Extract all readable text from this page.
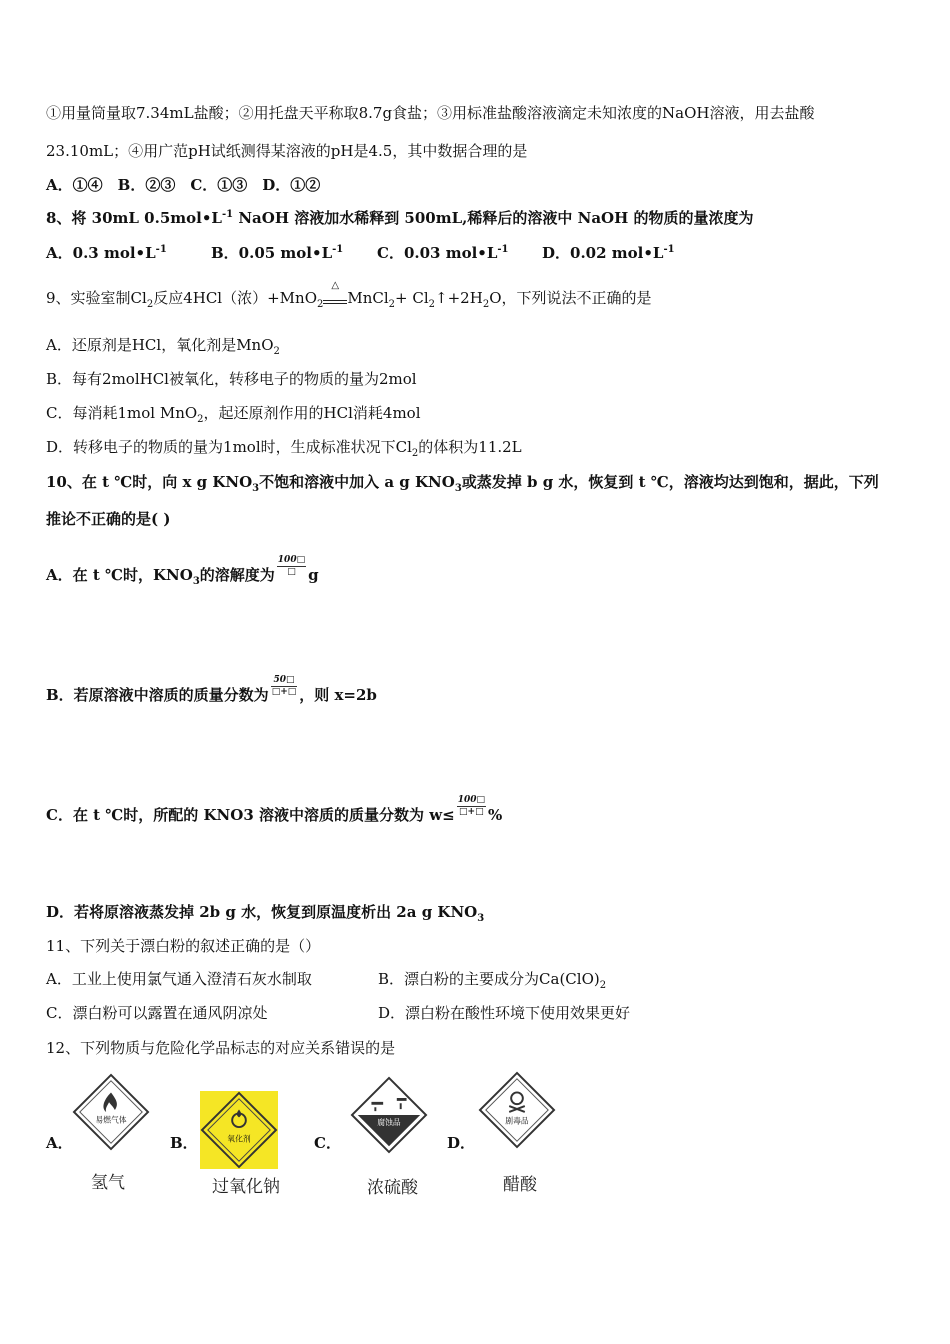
①用量筒量取7.34mL盐酸；②用托盘天平称取8.7g食盐；③用标准盐酸溶液滴定未知浓度的NaOH溶液，用去盐酸
23.10mL；④用广范pH试纸测得某溶液的pH是4.5，其中数据合理的是
A．①④　B．②③　C．①③　D．①②
8、将 30mL $0.5mol•L^{-1}$ NaOH 溶液加水稀释到 500mL,稀释后的溶液中 NaOH 的物质的量浓度为
A．0.3 $mol•L^{-1}$	B．0.05 $mol•L^{-1}$ C．0.03 $mol•L^{-1}$ D．0.02 $mol•L^{-1}$
9、实验室制$Cl_2$反应4HCl（浓）+MnO$_2$
△
MnCl$_2$+ $Cl_2↑+2H_2O$，下列说法不正确的是
A．还原剂是HCl，氧化剂是MnO$_2$
B．每有2molHCl被氧化，转移电子的物质的量为2mol
C．每消耗1mol MnO$_2$，起还原剂作用的HCl消耗4mol
D．转移电子的物质的量为1mol时，生成标准状况下$Cl_2$的体积为11.2L
10、在 t ℃时，向 x g $KNO_3$不饱和溶液中加入 a g $KNO_3$或蒸发掉 b g 水，恢复到 t ℃，溶液均达到饱和，据此，下列
推论不正确的是( )
A．在 t ℃时，$KNO_3$的溶解度为 $\frac{100□}{□}$ g
B．若原溶液中溶质的质量分数为 $\frac{50□}{□+□}$ ，则 x=2b
C．在 t ℃时，所配的 KNO3 溶液中溶质的质量分数为 $w\le \frac{100□}{□+□}$ %
D．若将原溶液蒸发掉 2b g 水，恢复到原温度析出 2a g $KNO_3$
11、下列关于漂白粉的叙述正确的是（）
A．工业上使用氯气通入澄清石灰水制取	B．漂白粉的主要成分为$Ca(ClO)_2$
C．漂白粉可以露置在通风阴凉处	D．漂白粉在酸性环境下使用效果更好
12、下列物质与危险化学品标志的对应关系错误的是
A．
易燃气体
氢气
B．	氧化剂
过氧化钠
C．
腐蚀品
浓硫酸
D．
剧毒品
醋酸
